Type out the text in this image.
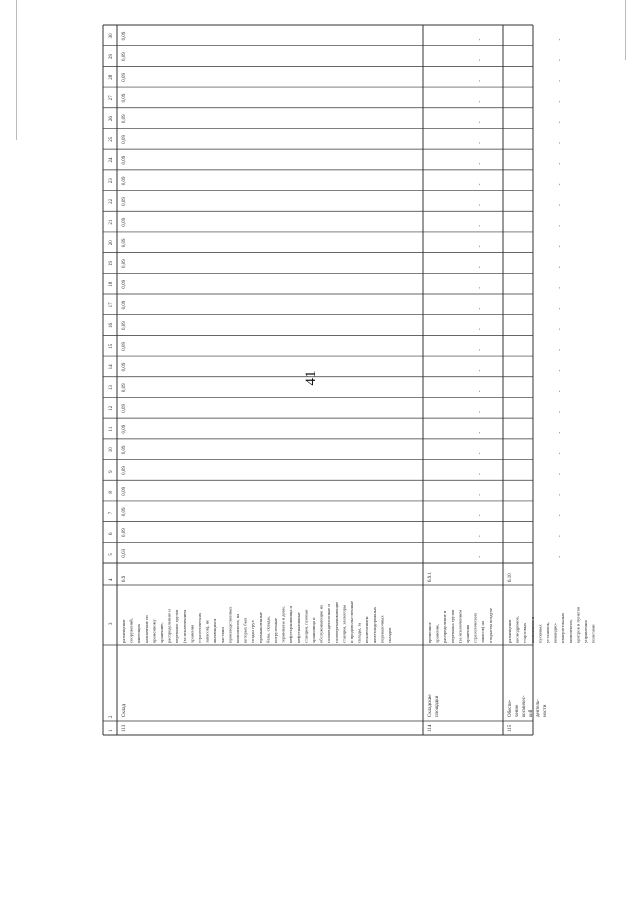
41
1
2
3
4
5
6
7
8
9
10
11
12
13
14
15
16
17
18
19
20
21
22
23
24
25
26
27
28
29
30
113
Склад
размещение сооружений, имеющих назначение по временному хранению, распределению и перевалке грузов (за исключением хранения стратегических запасов), не являющихся частями производственных комплексов, на которых был создан груз: промышленные базы, склады, погрузочные терминалы и доки, нефтехранилища и нефтеналивные станции, газовые хранилища и обслуживающие их газоконденсатные и газоперекачивающие станции, элеваторы и продовольственные склады, за исключением железнодорожных перевалочных складов
6.9
0,03
0,09
0,09
0,09
0,09
0,09
0,09
0,09
0,09
0,09
0,09
0,09
0,09
0,09
0,09
0,09
0,09
0,09
0,09
0,09
0,09
0,09
0,09
0,09
0,09
0,09
114
Складские площадки
временное хранение, распределение и перевалка грузов (за исключением хранения стратегических запасов) на открытом воздухе
6.9.1
-
-
-
-
-
-
-
-
-
-
-
-
-
-
-
-
-
-
-
-
-
-
-
-
-
-
115
Обеспе- чение космичес- кой деятель- ности
размещение космодромов, стартовых комплексов и пусковых установок, командно- измерительных комплексов, центров и пунктов управления полетами
6.10
-
-
-
-
-
-
-
-
-
-
-
-
-
-
-
-
-
-
-
-
-
-
-
-
-
-
